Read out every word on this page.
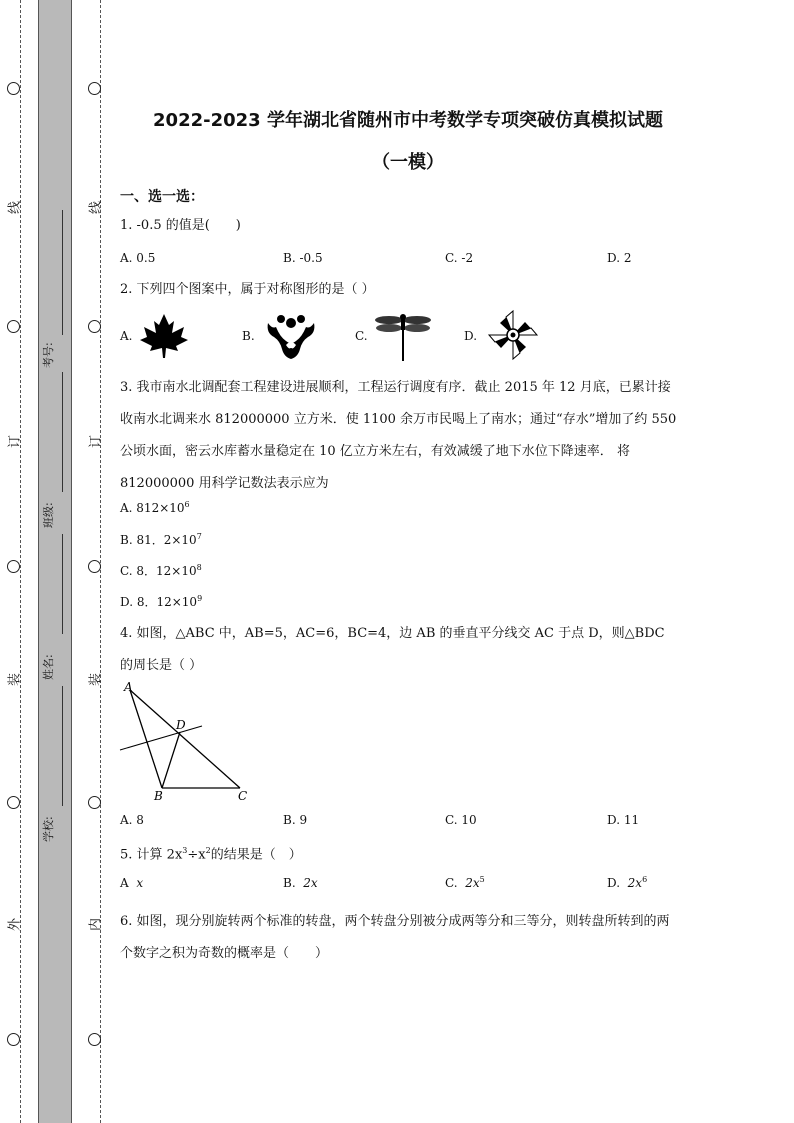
线
订
装
外
线
订
装
内
考号:
班级:
姓名:
学校:
2022-2023 学年湖北省随州市中考数学专项突破仿真模拟试题
（一模）
一、选一选：
1. -0.5 的值是(　　)
A. 0.5	B. -0.5	C. -2	D. 2
2. 下列四个图案中，属于对称图形的是（ ）
A.	B.	C.	D.
3. 我市南水北调配套工程建设进展顺利，工程运行调度有序．截止 2015 年 12 月底，已累计接收南水北调来水 812000000 立方米．使 1100 余万市民喝上了南水；通过“存水”增加了约 550 公顷水面，密云水库蓄水量稳定在 10 亿立方米左右，有效减缓了地下水位下降速率． 将 812000000 用科学记数法表示应为
A. $812\times 10^6$
B. 81．$2\times 10^7$
C. 8．$12\times 10^8$
D. 8．$12\times 10^9$
4. 如图，△ABC 中，AB=5，AC=6，BC=4，边 AB 的垂直平分线交 AC 于点 D，则△BDC 的周长是（ ）
A
D
B	C
A. 8	B. 9	C. 10	D. 11
5. 计算 $2x^3\div x^2$的结果是（　）
A x	B. 2x	C. $2x^5$	D. $2x^6$
6. 如图，现分别旋转两个标准的转盘，两个转盘分别被分成两等分和三等分，则转盘所转到的两个数字之积为奇数的概率是（　　）
